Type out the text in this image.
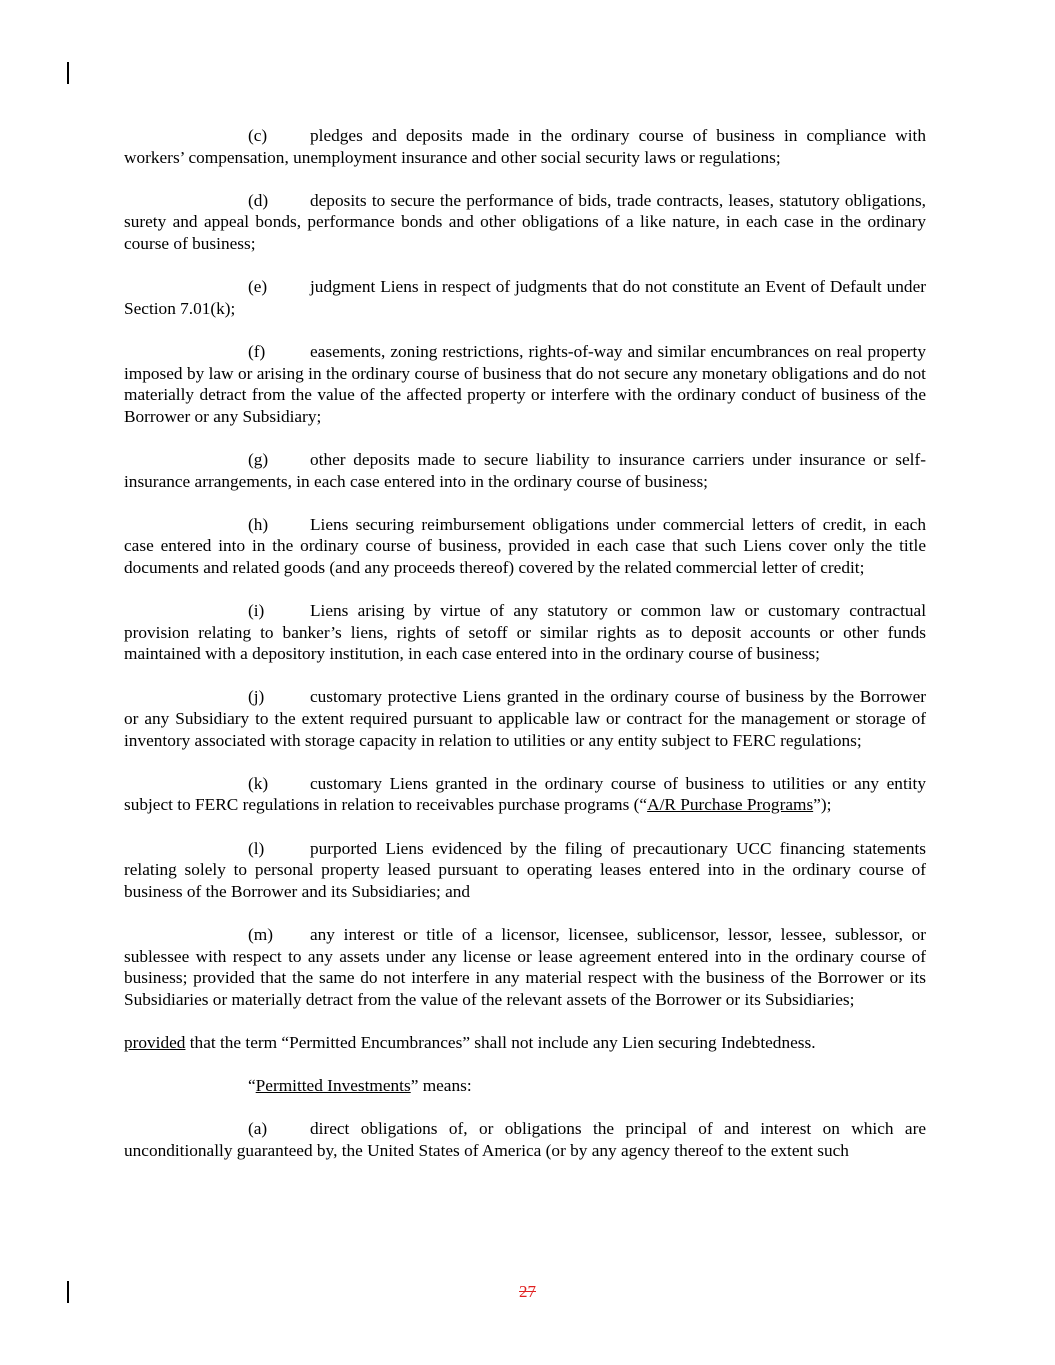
(c) pledges and deposits made in the ordinary course of business in compliance with workers’ compensation, unemployment insurance and other social security laws or regulations;

(d) deposits to secure the performance of bids, trade contracts, leases, statutory obligations, surety and appeal bonds, performance bonds and other obligations of a like nature, in each case in the ordinary course of business;

(e) judgment Liens in respect of judgments that do not constitute an Event of Default under Section 7.01(k);

(f)	easements, zoning restrictions, rights-of-way and similar encumbrances on real property imposed by law or arising in the ordinary course of business that do not secure any monetary obligations and do not materially detract from the value of the affected property or interfere with the ordinary conduct of business of the Borrower or any Subsidiary;

(g) other deposits made to secure liability to insurance carriers under insurance or self-insurance arrangements, in each case entered into in the ordinary course of business;

(h) Liens securing reimbursement obligations under commercial letters of credit, in each case entered into in the ordinary course of business, provided in each case that such Liens cover only the title documents and related goods (and any proceeds thereof) covered by the related commercial letter of credit;

(i)	Liens arising by virtue of any statutory or common law or customary contractual provision relating to banker’s liens, rights of setoff or similar rights as to deposit accounts or other funds maintained with a depository institution, in each case entered into in the ordinary course of business;

(j)	customary protective Liens granted in the ordinary course of business by the Borrower or any Subsidiary to the extent required pursuant to applicable law or contract for the management or storage of inventory associated with storage capacity in relation to utilities or any entity subject to FERC regulations;

(k) customary Liens granted in the ordinary course of business to utilities or any entity subject to FERC regulations in relation to receivables purchase programs (“A/R Purchase Programs”);

(l)	purported Liens evidenced by the filing of precautionary UCC financing statements relating solely to personal property leased pursuant to operating leases entered into in the ordinary course of business of the Borrower and its Subsidiaries; and

(m) any interest or title of a licensor, licensee, sublicensor, lessor, lessee, sublessor, or sublessee with respect to any assets under any license or lease agreement entered into in the ordinary course of business; provided that the same do not interfere in any material respect with the business of the Borrower or its Subsidiaries or materially detract from the value of the relevant assets of the Borrower or its Subsidiaries;

provided that the term “Permitted Encumbrances” shall not include any Lien securing Indebtedness.

“Permitted Investments” means:

(a) direct obligations of, or obligations the principal of and interest on which are unconditionally guaranteed by, the United States of America (or by any agency thereof to the extent such

27
